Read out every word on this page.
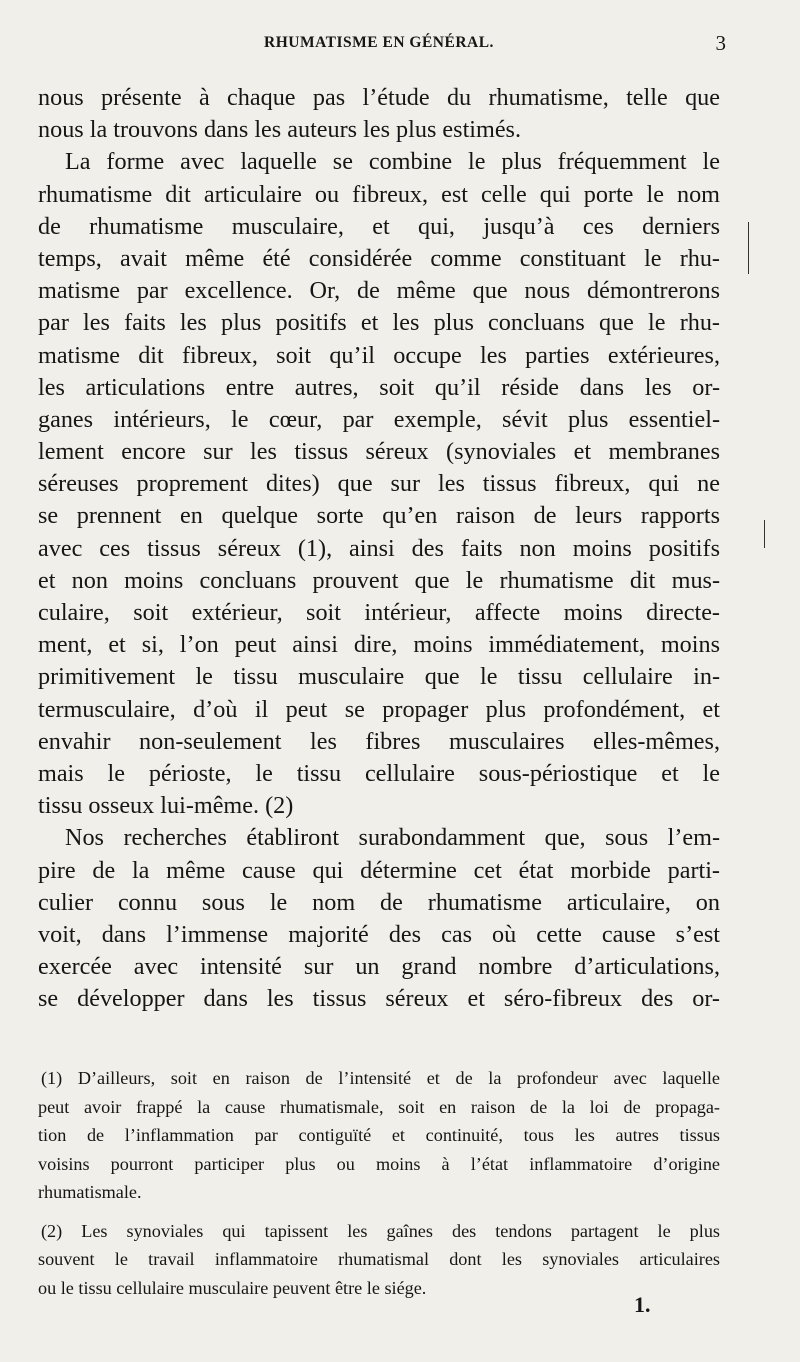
RHUMATISME EN GÉNÉRAL.	3
nous présente à chaque pas l’étude du rhumatisme, telle que
nous la trouvons dans les auteurs les plus estimés.
La forme avec laquelle se combine le plus fréquemment le
rhumatisme dit articulaire ou fibreux, est celle qui porte le nom
de rhumatisme musculaire, et qui, jusqu’à ces derniers
temps, avait même été considérée comme constituant le rhu-
matisme par excellence. Or, de même que nous démontrerons
par les faits les plus positifs et les plus concluans que le rhu-
matisme dit fibreux, soit qu’il occupe les parties extérieures,
les articulations entre autres, soit qu’il réside dans les or-
ganes intérieurs, le cœur, par exemple, sévit plus essentiel-
lement encore sur les tissus séreux (synoviales et membranes
séreuses proprement dites) que sur les tissus fibreux, qui ne
se prennent en quelque sorte qu’en raison de leurs rapports
avec ces tissus séreux (1), ainsi des faits non moins positifs
et non moins concluans prouvent que le rhumatisme dit mus-
culaire, soit extérieur, soit intérieur, affecte moins directe-
ment, et si, l’on peut ainsi dire, moins immédiatement, moins
primitivement le tissu musculaire que le tissu cellulaire in-
termusculaire, d’où il peut se propager plus profondément, et
envahir non-seulement les fibres musculaires elles-mêmes,
mais le périoste, le tissu cellulaire sous-périostique et le
tissu osseux lui-même. (2)
Nos recherches établiront surabondamment que, sous l’em-
pire de la même cause qui détermine cet état morbide parti-
culier connu sous le nom de rhumatisme articulaire, on
voit, dans l’immense majorité des cas où cette cause s’est
exercée avec intensité sur un grand nombre d’articulations,
se développer dans les tissus séreux et séro-fibreux des or-
(1) D’ailleurs, soit en raison de l’intensité et de la profondeur avec laquelle
peut avoir frappé la cause rhumatismale, soit en raison de la loi de propaga-
tion de l’inflammation par contiguïté et continuité, tous les autres tissus
voisins pourront participer plus ou moins à l’état inflammatoire d’origine
rhumatismale.
(2) Les synoviales qui tapissent les gaînes des tendons partagent le plus
souvent le travail inflammatoire rhumatismal dont les synoviales articulaires
ou le tissu cellulaire musculaire peuvent être le siége.
1.
